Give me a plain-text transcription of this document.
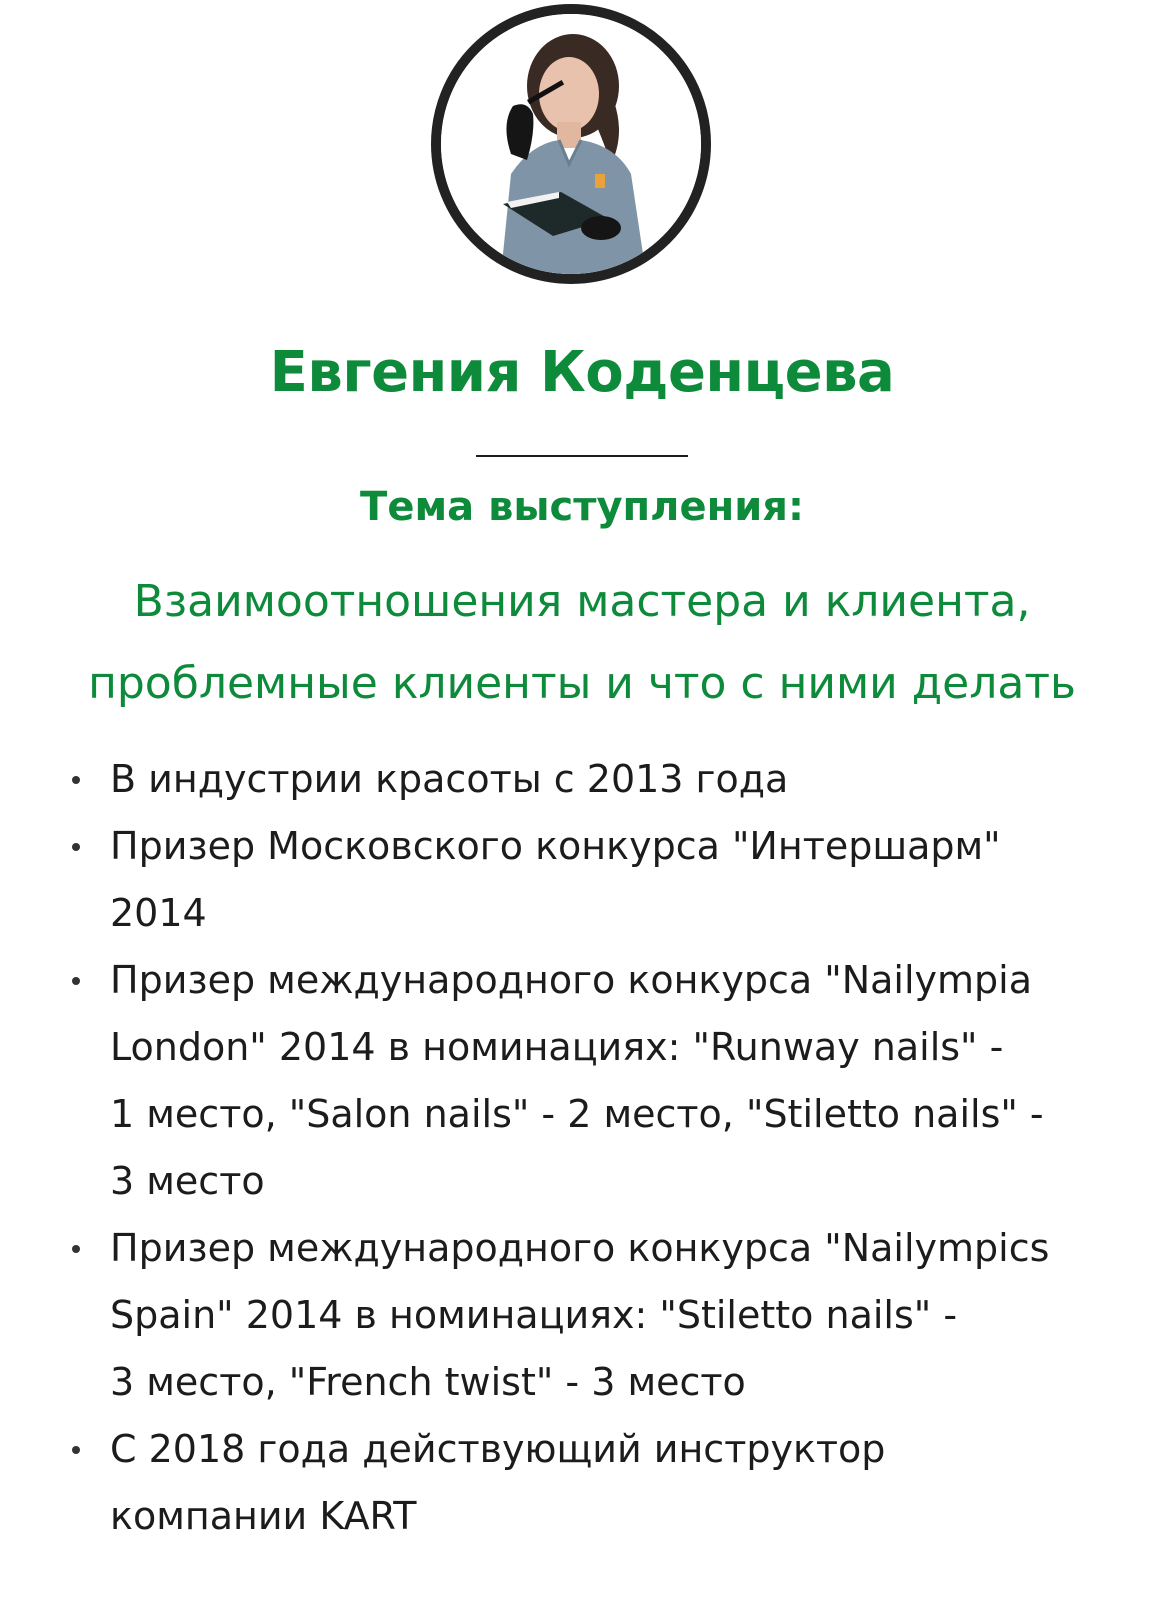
Евгения Коденцева
Тема выступления:

Взаимоотношения мастера и клиента,
проблемные клиенты и что с ними делать

В индустрии красоты с 2013 года
Призер Московского конкурса "Интершарм"
2014
Призер международного конкурса "Nailympia
London" 2014 в номинациях: "Runway nails" -
1 место, "Salon nails" - 2 место, "Stiletto nails" -
3 место
Призер международного конкурса "Nailympics
Spain" 2014 в номинациях: "Stiletto nails" -
3 место, "French twist" - 3 место
С 2018 года действующий инструктор
компании KART
